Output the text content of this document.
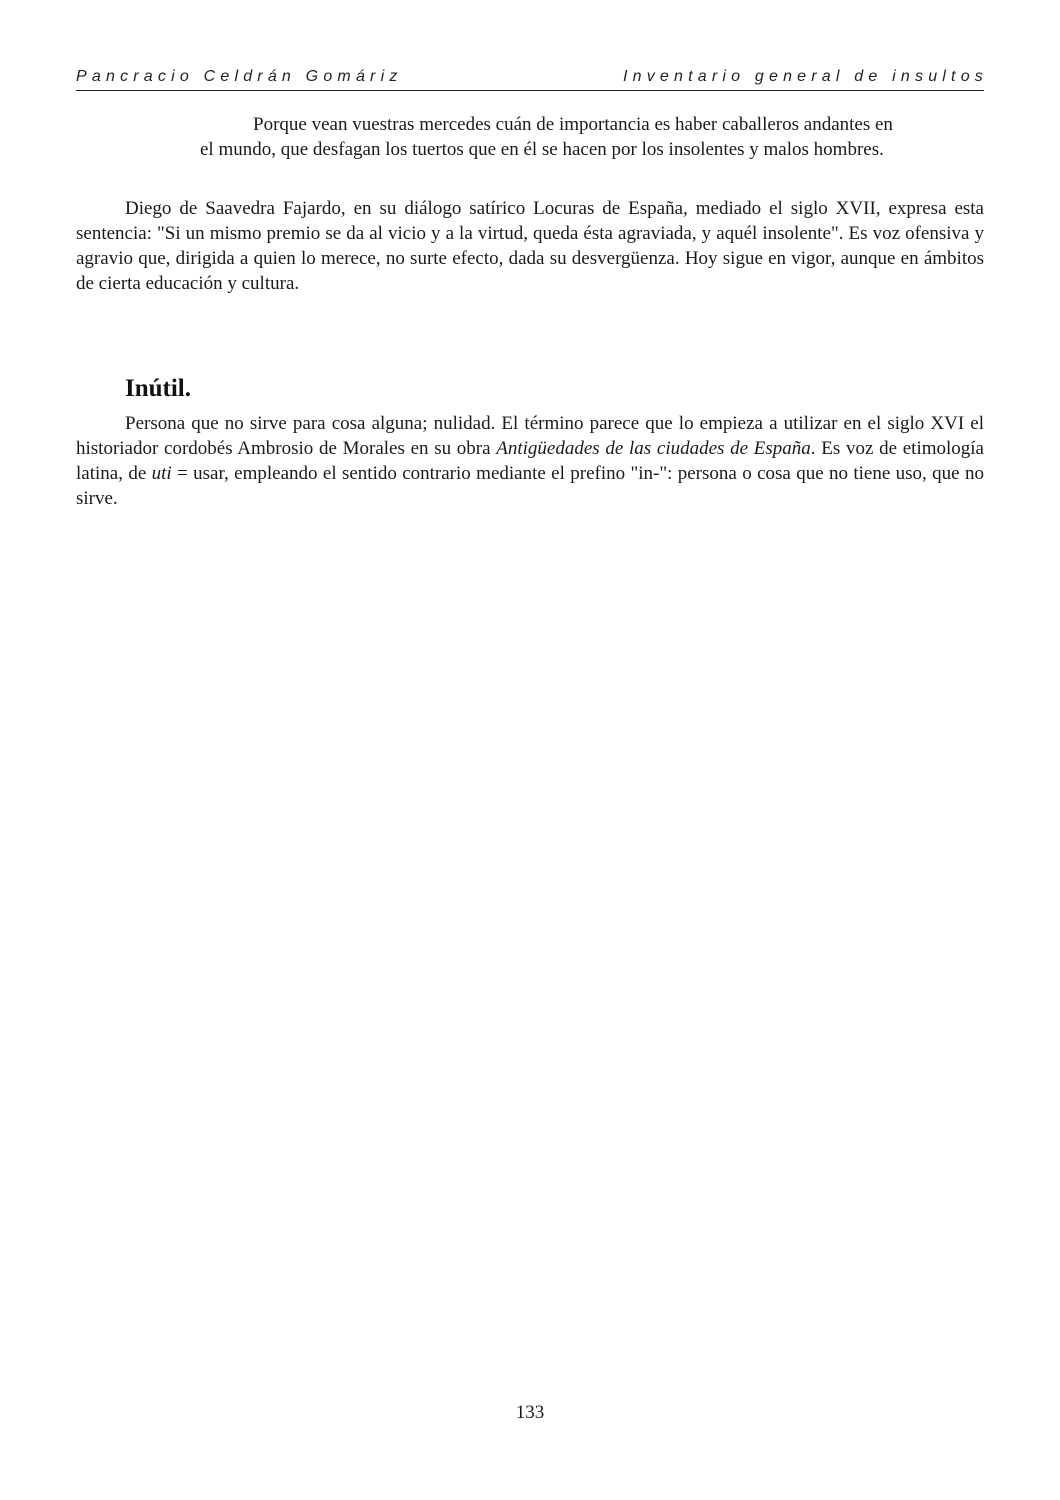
Pancracio Celdrán Gomáriz	Inventario general de insultos
Porque vean vuestras mercedes cuán de importancia es haber caballeros andantes en
el mundo, que desfagan los tuertos que en él se hacen por los insolentes y malos hombres.

Diego de Saavedra Fajardo, en su diálogo satírico Locuras de España, mediado el siglo XVII, expresa esta sentencia: "Si un mismo premio se da al vicio y a la virtud, queda ésta agraviada, y aquél insolente". Es voz ofensiva y agravio que, dirigida a quien lo merece, no surte efecto, dada su desvergüenza. Hoy sigue en vigor, aunque en ámbitos de cierta educación y cultura.

Inútil.

Persona que no sirve para cosa alguna; nulidad. El término parece que lo empieza a utilizar en el siglo XVI el historiador cordobés Ambrosio de Morales en su obra Antigüedades de las ciudades de España. Es voz de etimología latina, de uti = usar, empleando el sentido contrario mediante el prefino "in-": persona o cosa que no tiene uso, que no sirve.

133
